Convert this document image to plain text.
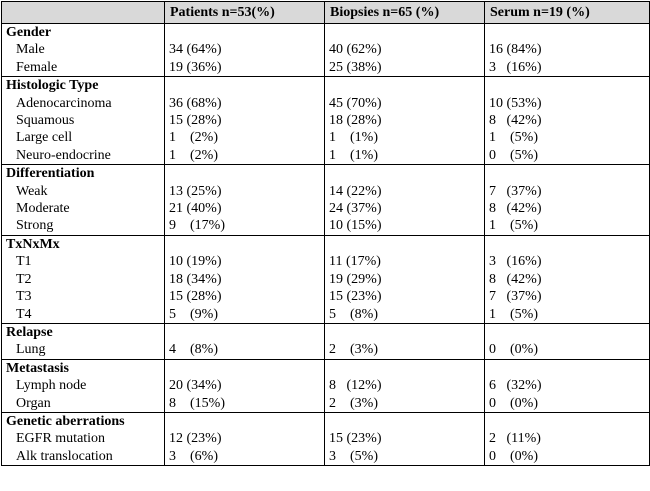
	Patients n=53(%)	Biopsies n=65 (%)	Serum n=19 (%)
Gender			
Male	34 (64%)	40 (62%)	16 (84%)
Female	19 (36%)	25 (38%)	3   (16%)
Histologic Type			
Adenocarcinoma	36 (68%)	45 (70%)	10 (53%)
Squamous	15 (28%)	18 (28%)	8   (42%)
Large cell	1    (2%)	1    (1%)	1    (5%)
Neuro-endocrine	1    (2%)	1    (1%)	0    (5%)
Differentiation			
Weak	13 (25%)	14 (22%)	7   (37%)
Moderate	21 (40%)	24 (37%)	8   (42%)
Strong	9    (17%)	10 (15%)	1    (5%)
TxNxMx			
T1	10 (19%)	11 (17%)	3   (16%)
T2	18 (34%)	19 (29%)	8   (42%)
T3	15 (28%)	15 (23%)	7   (37%)
T4	5    (9%)	5    (8%)	1    (5%)
Relapse			
Lung	4    (8%)	2    (3%)	0    (0%)
Metastasis			
Lymph node	20 (34%)	8   (12%)	6   (32%)
Organ	8    (15%)	2    (3%)	0    (0%)
Genetic aberrations			
EGFR mutation	12 (23%)	15 (23%)	2   (11%)
Alk translocation	3    (6%)	3    (5%)	0    (0%)
